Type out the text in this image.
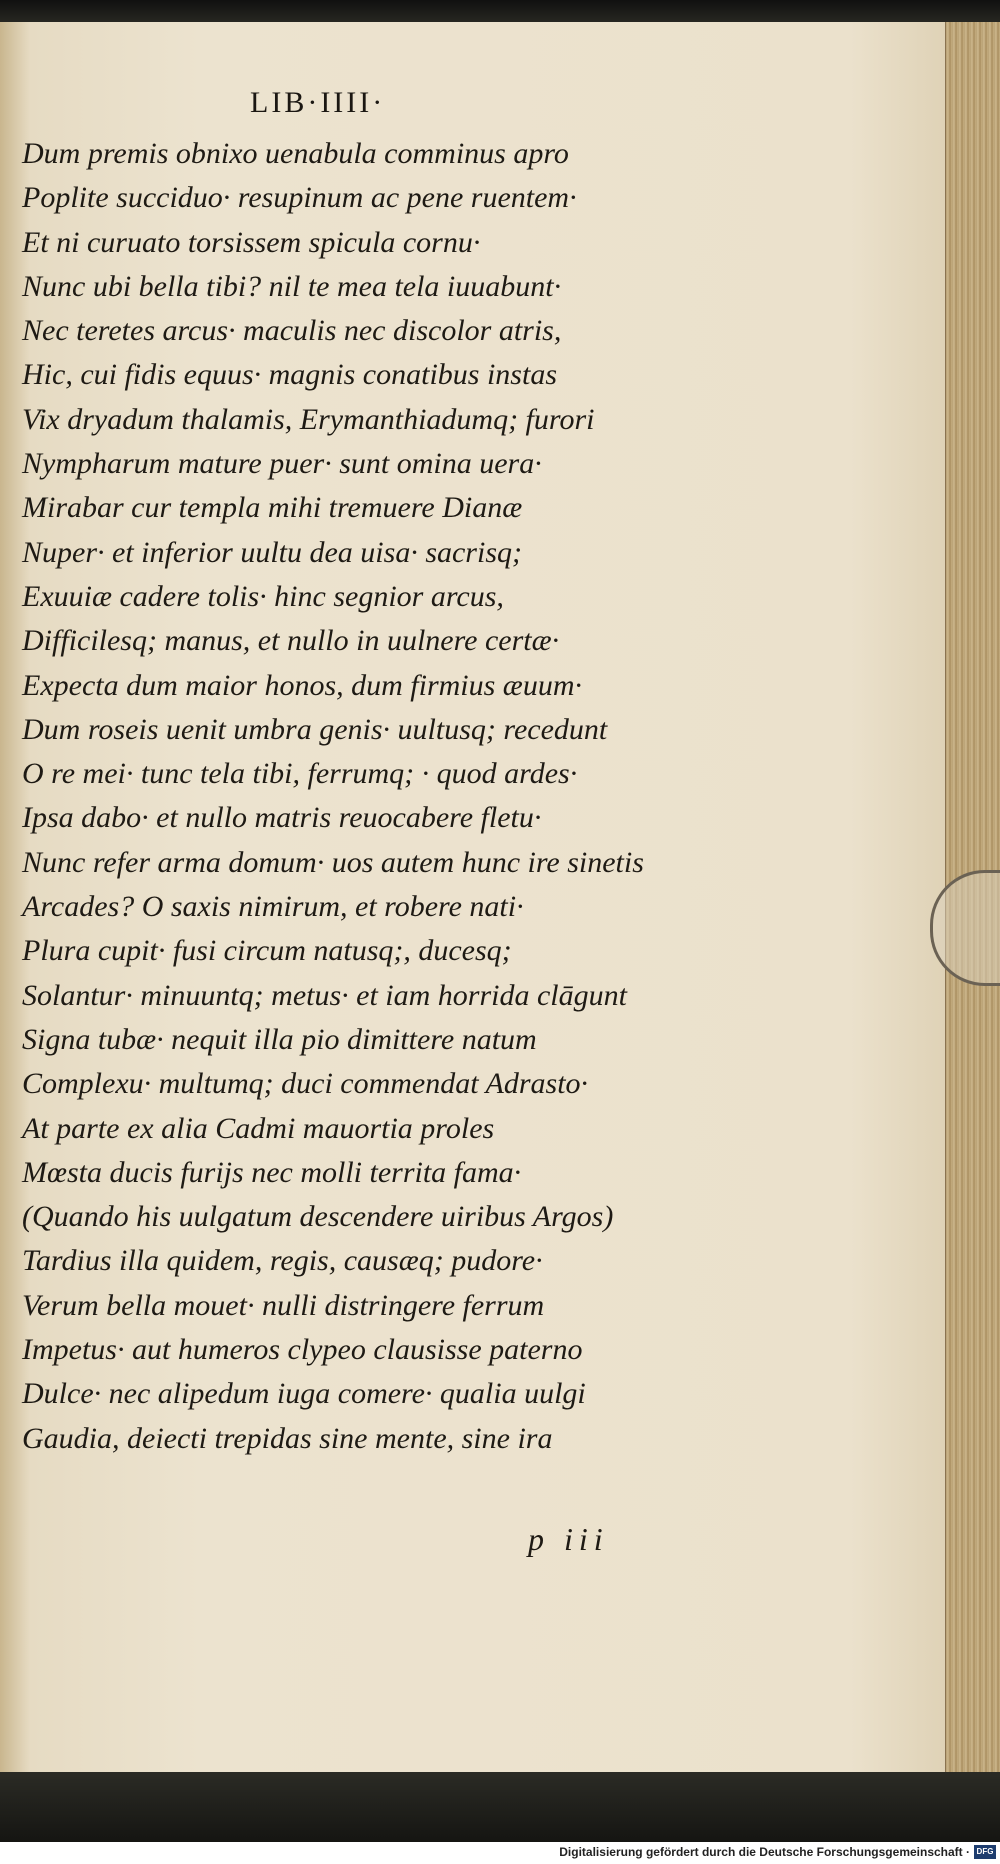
LIB·IIII·
Dum premis obnixo uenabula comminus apro
Poplite succiduo· resupinum ac pene ruentem·
Et ni curuato torsissem spicula cornu·
Nunc ubi bella tibi? nil te mea tela iuuabunt·
Nec teretes arcus· maculis nec discolor atris,
Hic, cui fidis equus· magnis conatibus instas
Vix dryadum thalamis, Erymanthiadumq; furori
Nympharum mature puer· sunt omina uera·
Mirabar cur templa mihi tremuere Dianæ
Nuper· et inferior uultu dea uisa· sacrisq;
Exuuiæ cadere tolis· hinc segnior arcus,
Difficilesq; manus, et nullo in uulnere certæ·
Expecta dum maior honos, dum firmius æuum·
Dum roseis uenit umbra genis· uultusq; recedunt
O re mei· tunc tela tibi, ferrumq; · quod ardes·
Ipsa dabo· et nullo matris reuocabere fletu·
Nunc refer arma domum· uos autem hunc ire sinetis
Arcades? O saxis nimirum, et robere nati·
Plura cupit· fusi circum natusq;, ducesq;
Solantur· minuuntq; metus· et iam horrida clāgunt
Signa tubæ· nequit illa pio dimittere natum
Complexu· multumq; duci commendat Adrasto·
At parte ex alia Cadmi mauortia proles
Mœsta ducis furijs nec molli territa fama·
(Quando his uulgatum descendere uiribus Argos)
Tardius illa quidem, regis, causæq; pudore·
Verum bella mouet· nulli distringere ferrum
Impetus· aut humeros clypeo clausisse paterno
Dulce· nec alipedum iuga comere· qualia uulgi
Gaudia, deiecti trepidas sine mente, sine ira
p iii
Digitalisierung gefördert durch die Deutsche Forschungsgemeinschaft · DFG
